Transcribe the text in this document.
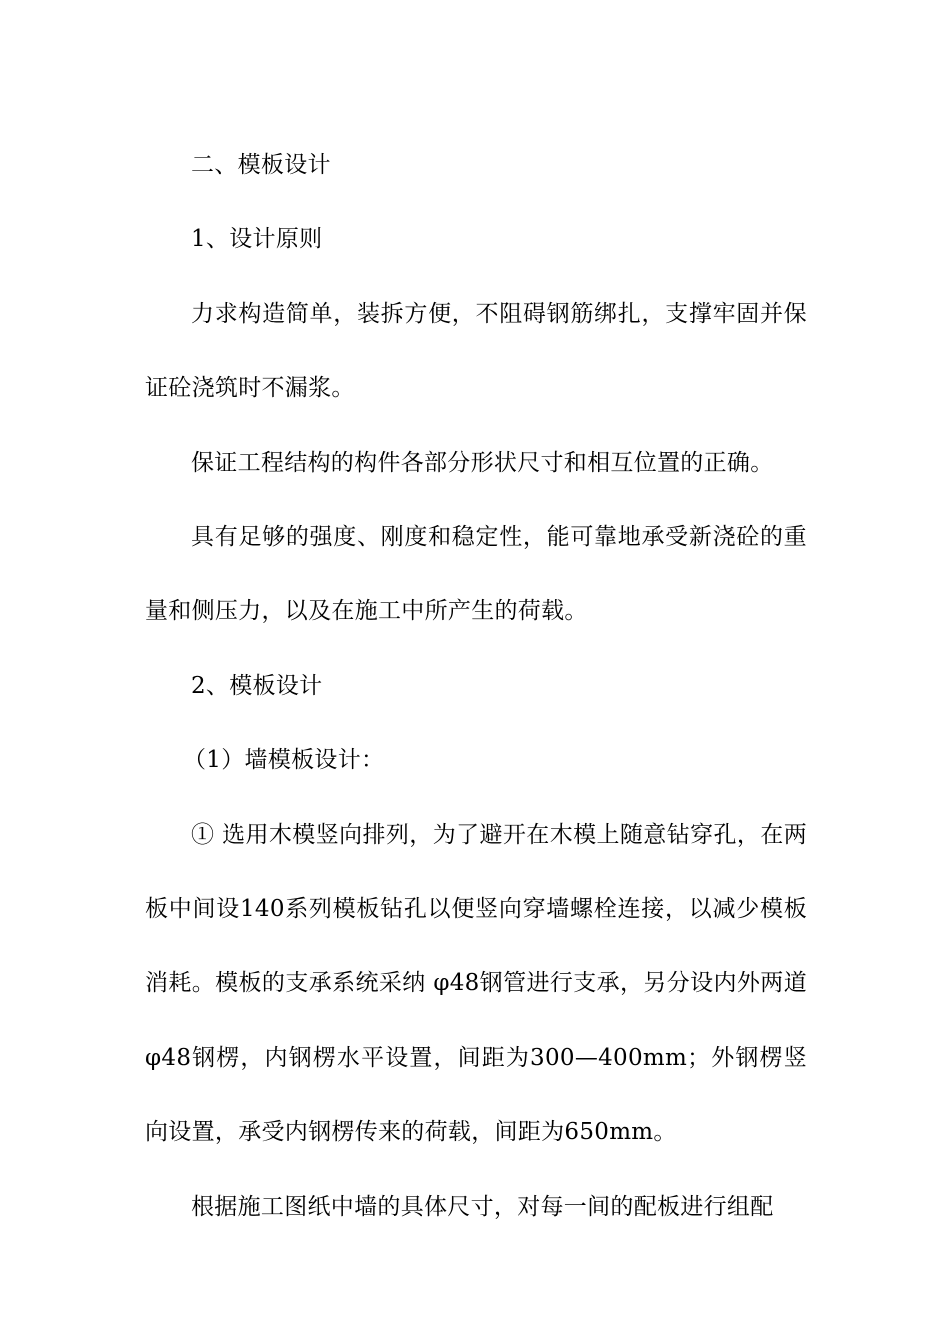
二、模板设计

1、设计原则

力求构造简单，装拆方便，不阻碍钢筋绑扎，支撑牢固并保证砼浇筑时不漏浆。

保证工程结构的构件各部分形状尺寸和相互位置的正确。

具有足够的强度、刚度和稳定性，能可靠地承受新浇砼的重量和侧压力，以及在施工中所产生的荷载。

2、模板设计

（1）墙模板设计：

① 选用木模竖向排列，为了避开在木模上随意钻穿孔，在两板中间设140系列模板钻孔以便竖向穿墙螺栓连接，以减少模板消耗。模板的支承系统采纳 φ48钢管进行支承，另分设内外两道 φ48钢楞，内钢楞水平设置，间距为300—400mm；外钢楞竖向设置，承受内钢楞传来的荷载，间距为650mm。

根据施工图纸中墙的具体尺寸，对每一间的配板进行组配
